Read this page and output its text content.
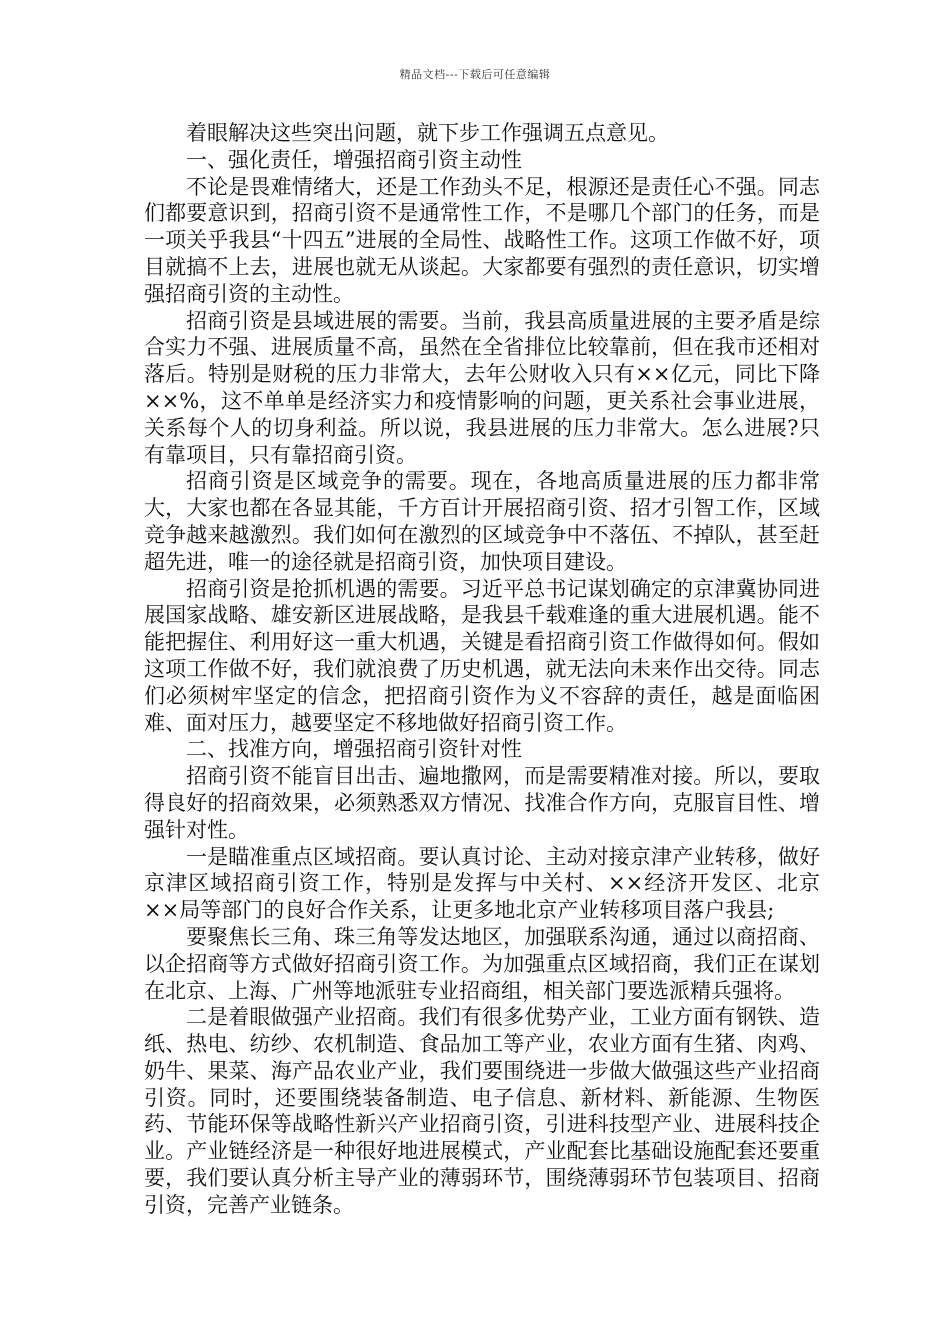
精品文档---下载后可任意编辑

着眼解决这些突出问题，就下步工作强调五点意见。

一、强化责任，增强招商引资主动性

不论是畏难情绪大，还是工作劲头不足，根源还是责任心不强。同志们都要意识到，招商引资不是通常性工作，不是哪几个部门的任务，而是一项关乎我县“十四五”进展的全局性、战略性工作。这项工作做不好，项目就搞不上去，进展也就无从谈起。大家都要有强烈的责任意识，切实增强招商引资的主动性。

招商引资是县域进展的需要。当前，我县高质量进展的主要矛盾是综合实力不强、进展质量不高，虽然在全省排位比较靠前，但在我市还相对落后。特别是财税的压力非常大，去年公财收入只有××亿元，同比下降××%，这不单单是经济实力和疫情影响的问题，更关系社会事业进展，关系每个人的切身利益。所以说，我县进展的压力非常大。怎么进展?只有靠项目，只有靠招商引资。

招商引资是区域竞争的需要。现在，各地高质量进展的压力都非常大，大家也都在各显其能，千方百计开展招商引资、招才引智工作，区域竞争越来越激烈。我们如何在激烈的区域竞争中不落伍、不掉队，甚至赶超先进，唯一的途径就是招商引资，加快项目建设。

招商引资是抢抓机遇的需要。习近平总书记谋划确定的京津冀协同进展国家战略、雄安新区进展战略，是我县千载难逢的重大进展机遇。能不能把握住、利用好这一重大机遇，关键是看招商引资工作做得如何。假如这项工作做不好，我们就浪费了历史机遇，就无法向未来作出交待。同志们必须树牢坚定的信念，把招商引资作为义不容辞的责任，越是面临困难、面对压力，越要坚定不移地做好招商引资工作。

二、找准方向，增强招商引资针对性

招商引资不能盲目出击、遍地撒网，而是需要精准对接。所以，要取得良好的招商效果，必须熟悉双方情况、找准合作方向，克服盲目性、增强针对性。

一是瞄准重点区域招商。要认真讨论、主动对接京津产业转移，做好京津区域招商引资工作，特别是发挥与中关村、××经济开发区、北京××局等部门的良好合作关系，让更多地北京产业转移项目落户我县;

要聚焦长三角、珠三角等发达地区，加强联系沟通，通过以商招商、以企招商等方式做好招商引资工作。为加强重点区域招商，我们正在谋划在北京、上海、广州等地派驻专业招商组，相关部门要选派精兵强将。

二是着眼做强产业招商。我们有很多优势产业，工业方面有钢铁、造纸、热电、纺纱、农机制造、食品加工等产业，农业方面有生猪、肉鸡、奶牛、果菜、海产品农业产业，我们要围绕进一步做大做强这些产业招商引资。同时，还要围绕装备制造、电子信息、新材料、新能源、生物医药、节能环保等战略性新兴产业招商引资，引进科技型产业、进展科技企业。产业链经济是一种很好地进展模式，产业配套比基础设施配套还要重要，我们要认真分析主导产业的薄弱环节，围绕薄弱环节包装项目、招商引资，完善产业链条。
